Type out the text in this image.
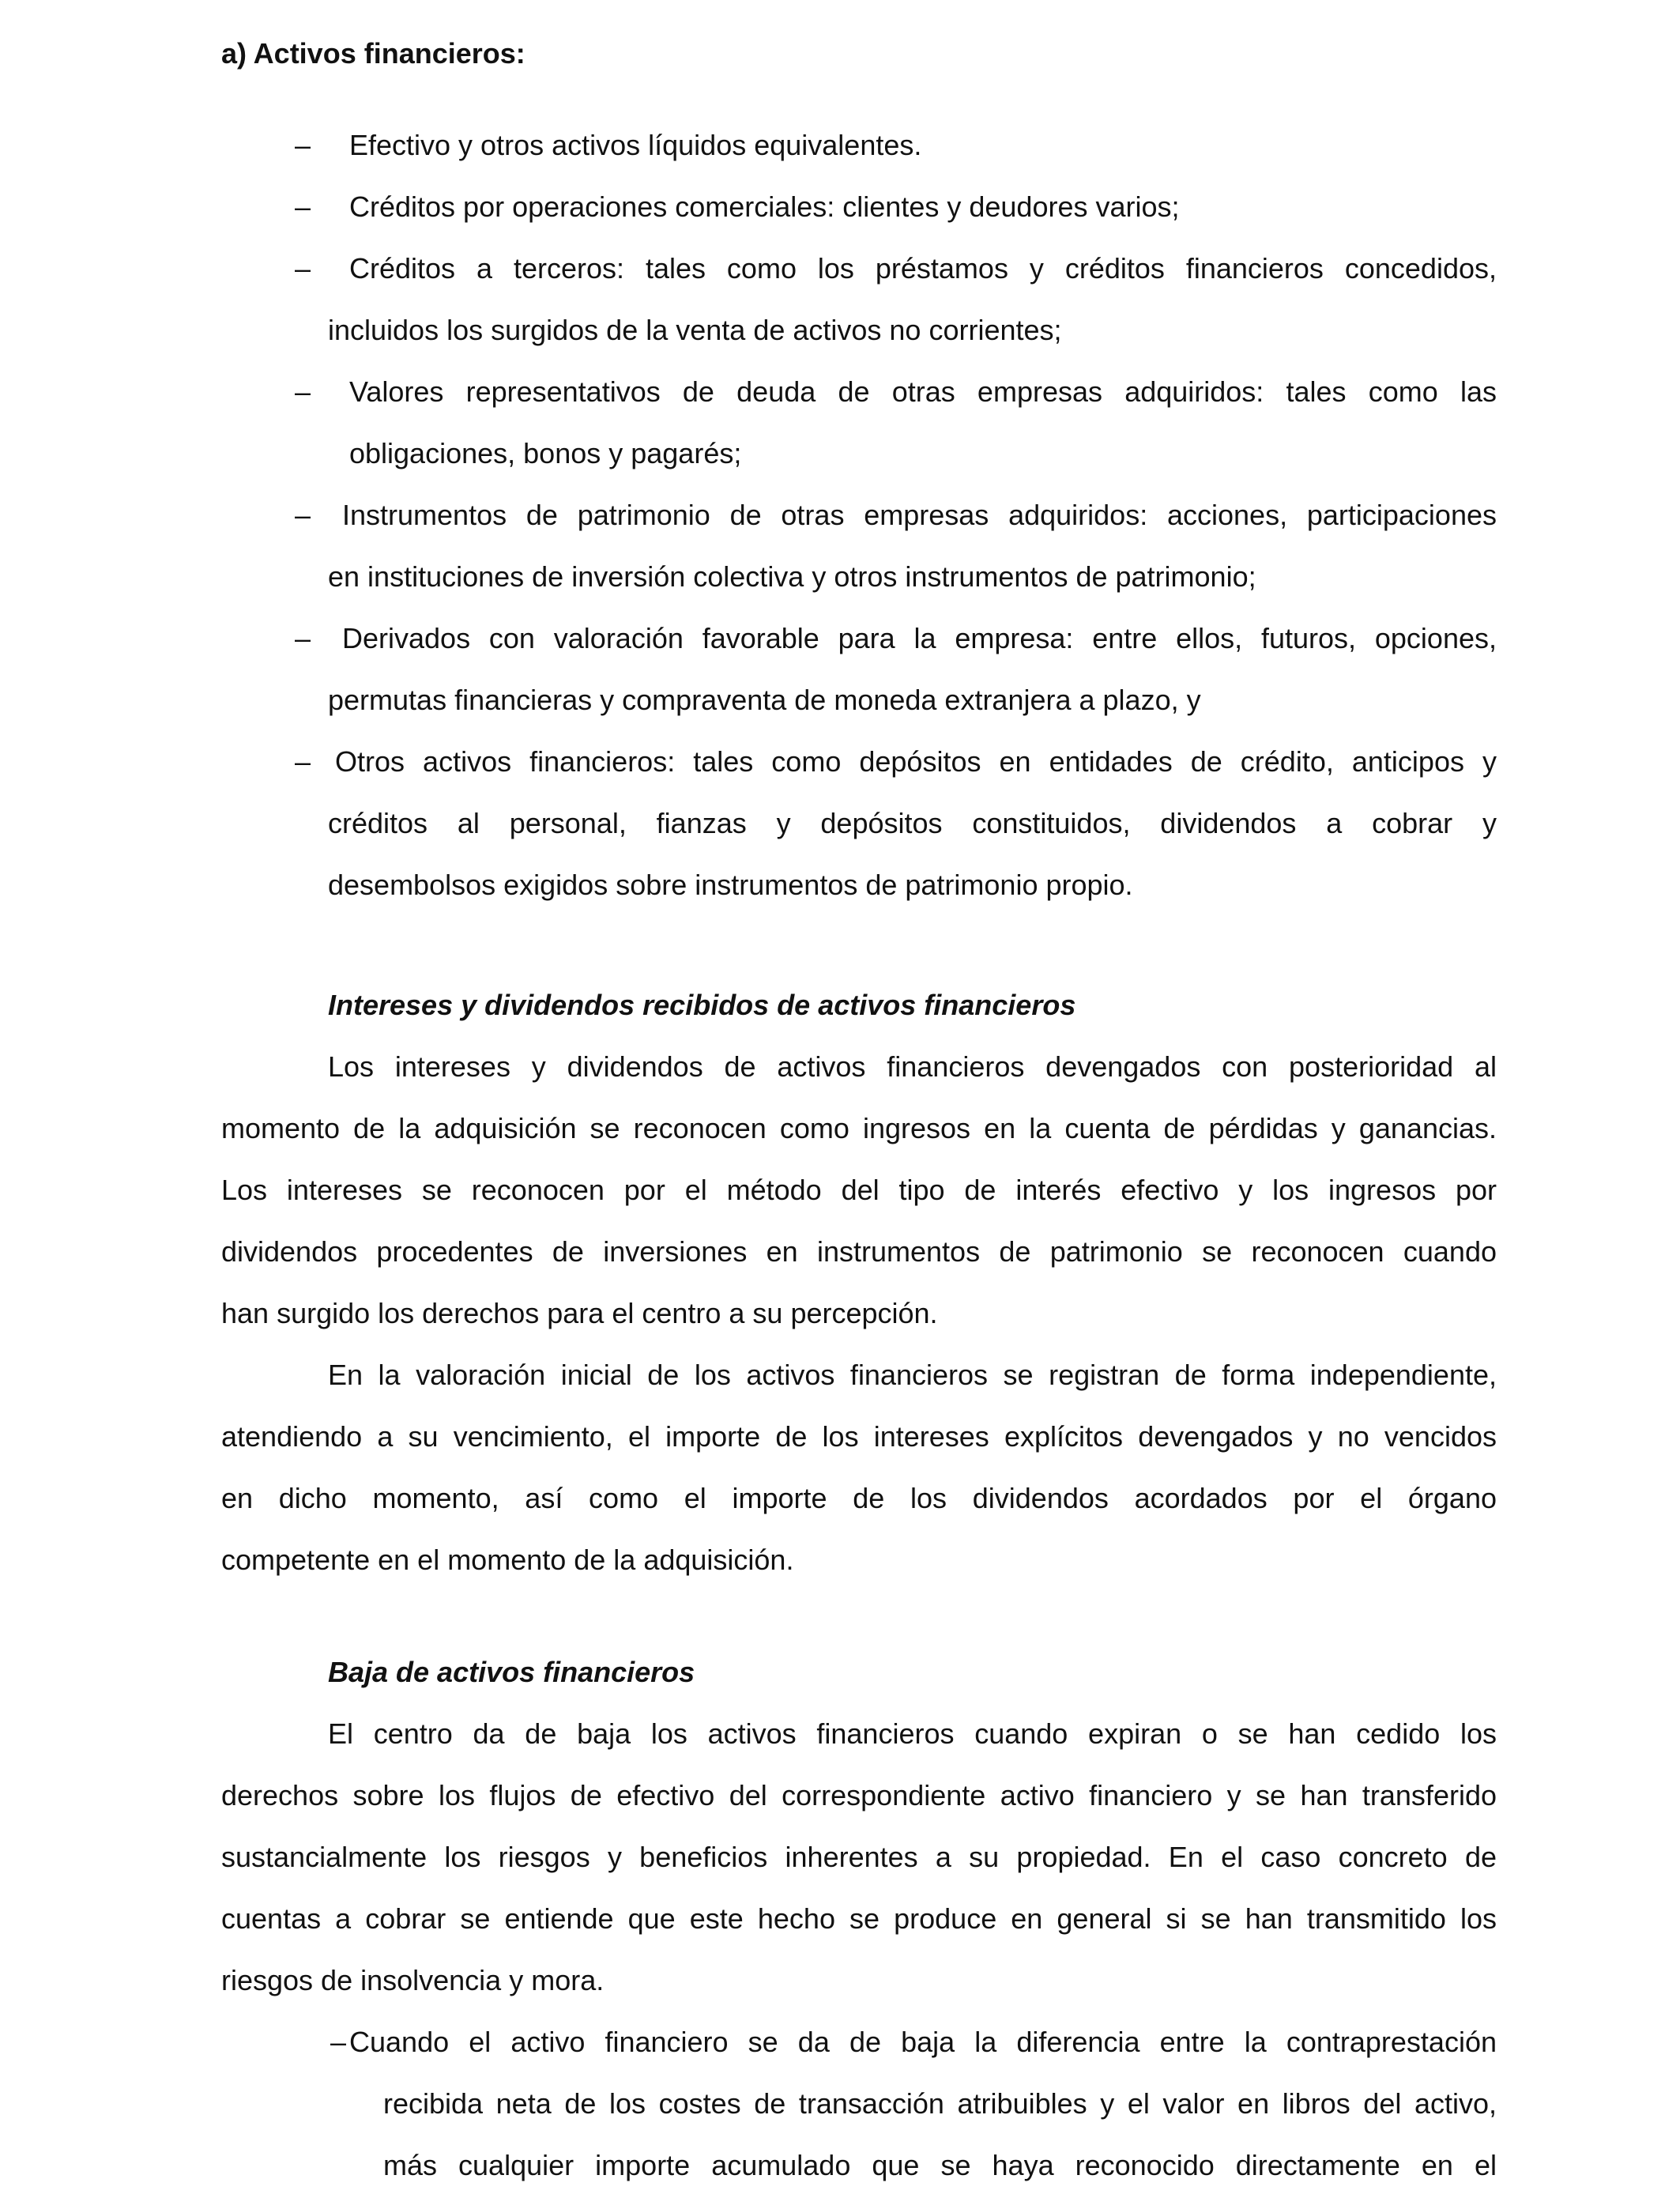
a) Activos financieros:
– Efectivo y otros activos líquidos equivalentes.
– Créditos por operaciones comerciales: clientes y deudores varios;
– Créditos a terceros: tales como los préstamos y créditos financieros concedidos,
incluidos los surgidos de la venta de activos no corrientes;
– Valores representativos de deuda de otras empresas adquiridos: tales como las
obligaciones, bonos y pagarés;
– Instrumentos de patrimonio de otras empresas adquiridos: acciones, participaciones
en instituciones de inversión colectiva y otros instrumentos de patrimonio;
– Derivados con valoración favorable para la empresa: entre ellos, futuros, opciones,
permutas financieras y compraventa de moneda extranjera a plazo, y
– Otros activos financieros: tales como depósitos en entidades de crédito, anticipos y
créditos al personal, fianzas y depósitos constituidos, dividendos a cobrar y
desembolsos exigidos sobre instrumentos de patrimonio propio.
Intereses y dividendos recibidos de activos financieros
Los intereses y dividendos de activos financieros devengados con posterioridad al
momento de la adquisición se reconocen como ingresos en la cuenta de pérdidas y ganancias.
Los intereses se reconocen por el método del tipo de interés efectivo y los ingresos por
dividendos procedentes de inversiones en instrumentos de patrimonio se reconocen cuando
han surgido los derechos para el centro a su percepción.
En la valoración inicial de los activos financieros se registran de forma independiente,
atendiendo a su vencimiento, el importe de los intereses explícitos devengados y no vencidos
en dicho momento, así como el importe de los dividendos acordados por el órgano
competente en el momento de la adquisición.
Baja de activos financieros
El centro da de baja los activos financieros cuando expiran o se han cedido los
derechos sobre los flujos de efectivo del correspondiente activo financiero y se han transferido
sustancialmente los riesgos y beneficios inherentes a su propiedad. En el caso concreto de
cuentas a cobrar se entiende que este hecho se produce en general si se han transmitido los
riesgos de insolvencia y mora.
– Cuando el activo financiero se da de baja la diferencia entre la contraprestación
recibida neta de los costes de transacción atribuibles y el valor en libros del activo,
más cualquier importe acumulado que se haya reconocido directamente en el
